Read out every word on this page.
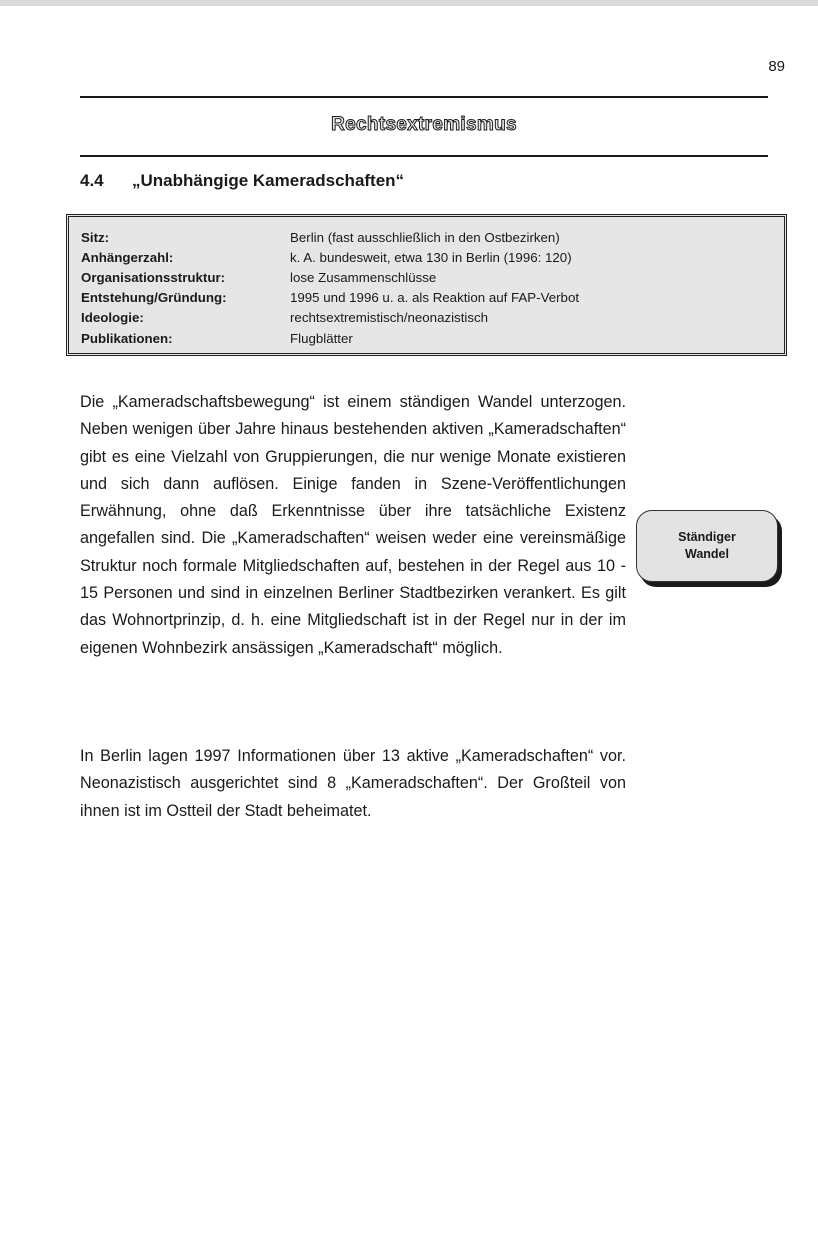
89
Rechtsextremismus
4.4 „Unabhängige Kameradschaften“
Sitz:	Berlin (fast ausschließlich in den Ostbezirken)
Anhängerzahl:	k. A. bundesweit, etwa 130 in Berlin (1996: 120)
Organisationsstruktur:	lose Zusammenschlüsse
Entstehung/Gründung:	1995 und 1996 u. a. als Reaktion auf FAP-Verbot
Ideologie:	rechtsextremistisch/neonazistisch
Publikationen:	Flugblätter

Die „Kameradschaftsbewegung“ ist einem ständigen Wandel unterzogen. Neben wenigen über Jahre hinaus bestehenden aktiven „Kameradschaften“ gibt es eine Vielzahl von Gruppierungen, die nur wenige Monate existieren und sich dann auflösen. Einige fanden in Szene-Veröffentlichungen Erwähnung, ohne daß Erkenntnisse über ihre tatsächliche Existenz angefallen sind. Die „Kameradschaften“ weisen weder eine vereinsmäßige Struktur noch formale Mitgliedschaften auf, bestehen in der Regel aus 10 - 15 Personen und sind in einzelnen Berliner Stadtbezirken verankert. Es gilt das Wohnortprinzip, d. h. eine Mitgliedschaft ist in der Regel nur in der im eigenen Wohnbezirk ansässigen „Kameradschaft“ möglich.

In Berlin lagen 1997 Informationen über 13 aktive „Kameradschaften“ vor. Neonazistisch ausgerichtet sind 8 „Kameradschaften“. Der Großteil von ihnen ist im Ostteil der Stadt beheimatet.

Ständiger
Wandel
